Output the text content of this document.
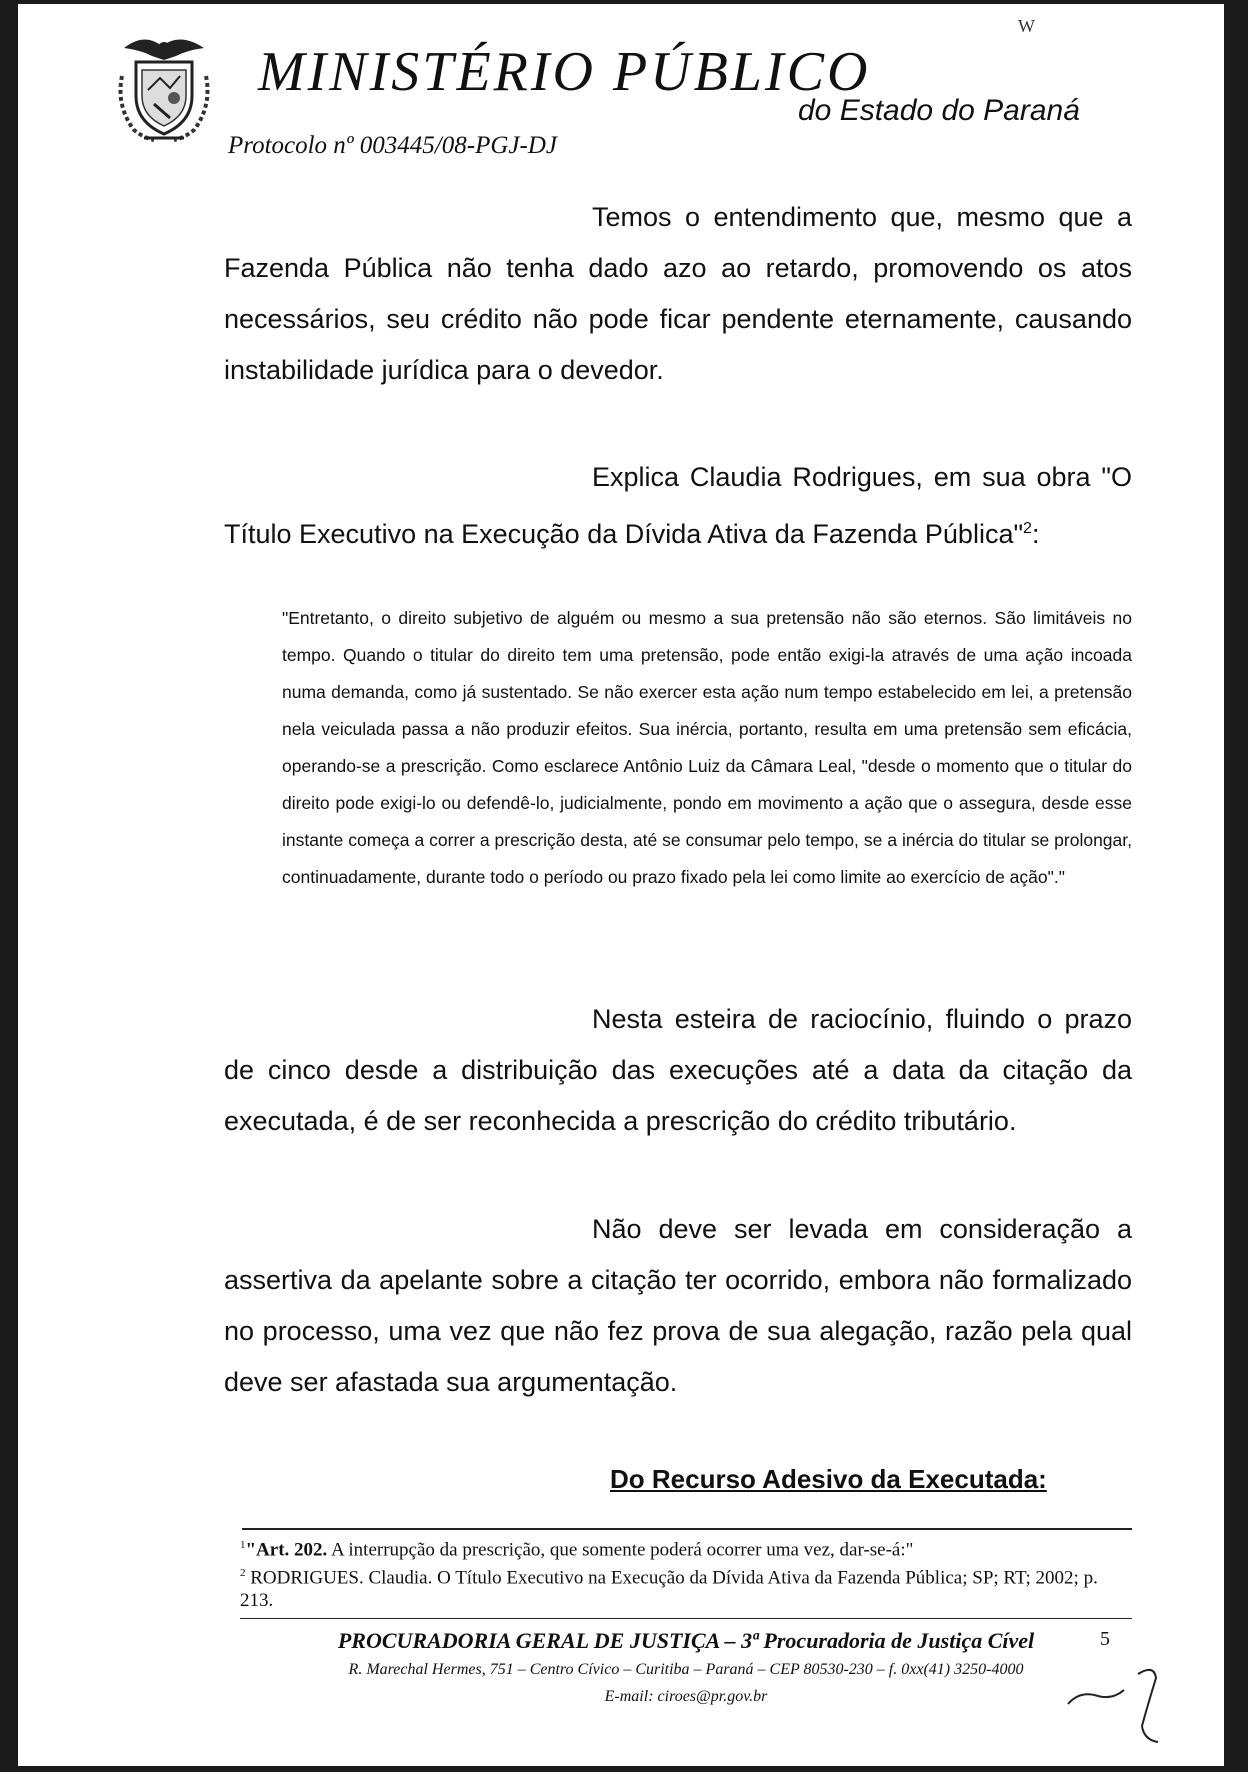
MINISTÉRIO PÚBLICO
do Estado do Paraná
Protocolo nº 003445/08-PGJ-DJ
W

Temos o entendimento que, mesmo que a Fazenda Pública não tenha dado azo ao retardo, promovendo os atos necessários, seu crédito não pode ficar pendente eternamente, causando instabilidade jurídica para o devedor.

Explica Claudia Rodrigues, em sua obra "O Título Executivo na Execução da Dívida Ativa da Fazenda Pública"$^2$:

"Entretanto, o direito subjetivo de alguém ou mesmo a sua pretensão não são eternos. São limitáveis no tempo. Quando o titular do direito tem uma pretensão, pode então exigi-la através de uma ação incoada numa demanda, como já sustentado. Se não exercer esta ação num tempo estabelecido em lei, a pretensão nela veiculada passa a não produzir efeitos. Sua inércia, portanto, resulta em uma pretensão sem eficácia, operando-se a prescrição. Como esclarece Antônio Luiz da Câmara Leal, "desde o momento que o titular do direito pode exigi-lo ou defendê-lo, judicialmente, pondo em movimento a ação que o assegura, desde esse instante começa a correr a prescrição desta, até se consumar pelo tempo, se a inércia do titular se prolongar, continuadamente, durante todo o período ou prazo fixado pela lei como limite ao exercício de ação"."

Nesta esteira de raciocínio, fluindo o prazo de cinco desde a distribuição das execuções até a data da citação da executada, é de ser reconhecida a prescrição do crédito tributário.

Não deve ser levada em consideração a assertiva da apelante sobre a citação ter ocorrido, embora não formalizado no processo, uma vez que não fez prova de sua alegação, razão pela qual deve ser afastada sua argumentação.

Do Recurso Adesivo da Executada:
$^1$"Art. 202. A interrupção da prescrição, que somente poderá ocorrer uma vez, dar-se-á:"
$^2$ RODRIGUES. Claudia. O Título Executivo na Execução da Dívida Ativa da Fazenda Pública; SP; RT; 2002; p. 213.
PROCURADORIA GERAL DE JUSTIÇA – 3ª Procuradoria de Justiça Cível
R. Marechal Hermes, 751 – Centro Cívico – Curitiba – Paraná – CEP 80530-230 – f. 0xx(41) 3250-4000
E-mail: ciroes@pr.gov.br
5
